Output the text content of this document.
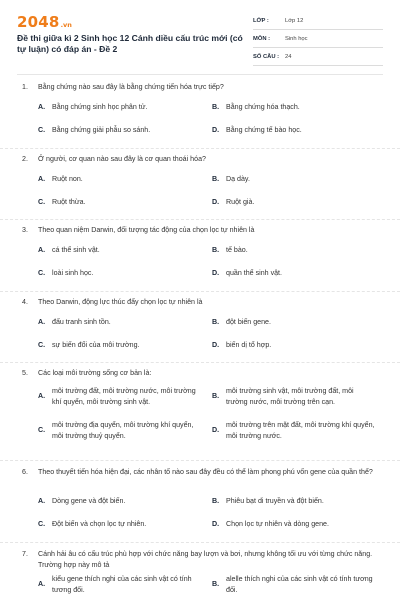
2048 .vn
Đề thi giữa kì 2 Sinh học 12 Cánh diều cấu trúc mới (có tự luận) có đáp án - Đề 2
LỚP :	Lớp 12
MÔN :	Sinh học
SỐ CÂU :	24
1.	Bằng chứng nào sau đây là bằng chứng tiến hóa trực tiếp?
A. Bằng chứng sinh học phân tử.	B. Bằng chứng hóa thạch.
C. Bằng chứng giải phẫu so sánh.	D. Bằng chứng tế bào học.
2.	Ở người, cơ quan nào sau đây là cơ quan thoái hóa?
A. Ruột non.	B. Dạ dày.
C. Ruột thừa.	D. Ruột già.
3.	Theo quan niệm Darwin, đối tượng tác động của chọn lọc tự nhiên là
A. cá thể sinh vật.	B. tế bào.
C. loài sinh học.	D. quần thể sinh vật.
4.	Theo Darwin, động lực thúc đẩy chọn lọc tự nhiên là
A. đấu tranh sinh tồn.	B. đột biến gene.
C. sự biến đổi của môi trường.	D. biến dị tổ hợp.
5.	Các loại môi trường sống cơ bản là:
A.
môi trường đất, môi trường nước, môi trường khí quyển, môi trường sinh vật.
B.
môi trường sinh vật, môi trường đất, môi trường nước, môi trường trên cạn.
C.
môi trường địa quyển, môi trường khí quyển, môi trường thuỷ quyển.
D.
môi trường trên mặt đất, môi trường khí quyển, môi trường nước.
6.	Theo thuyết tiến hóa hiện đại, các nhân tố nào sau đây đều có thể làm phong phú vốn gene của quần thể?
A. Dòng gene và đột biến.	B. Phiêu bạt di truyền và đột biến.
C. Đột biến và chọn lọc tự nhiên.	D. Chọn lọc tự nhiên và dòng gene.
7.	Cánh hải âu có cấu trúc phù hợp với chức năng bay lượn và bơi, nhưng không tối ưu với từng chức năng. Trường hợp này mô tả
A.
kiểu gene thích nghi của các sinh vật có tính tương đối.
B.
alelle thích nghi của các sinh vật có tính tương đối.
